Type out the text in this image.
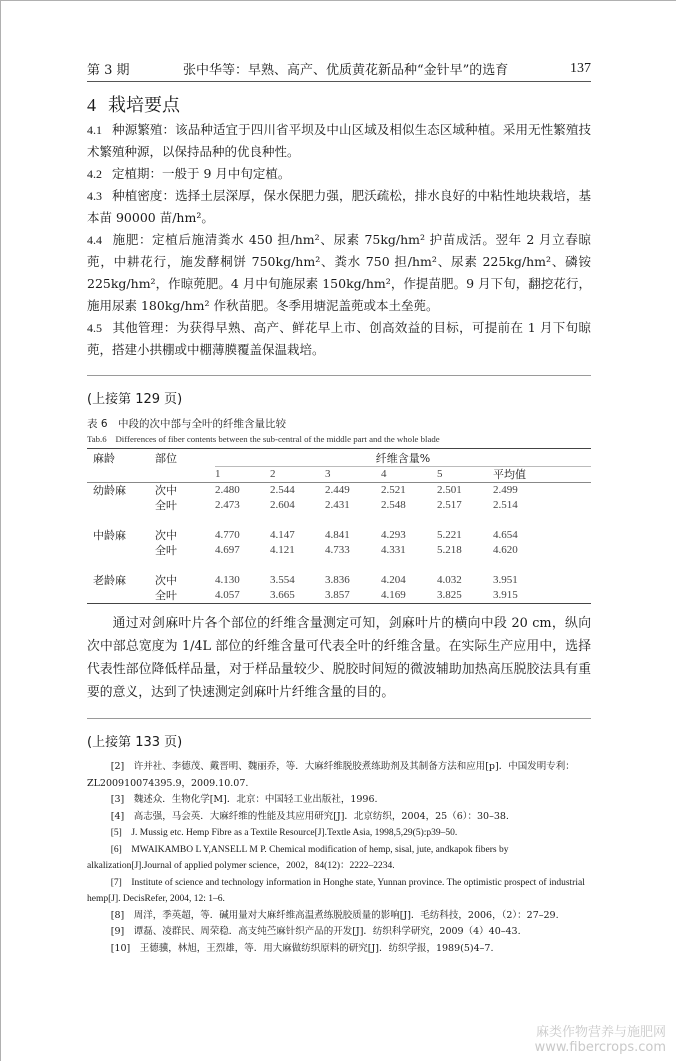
第 3 期	张中华等：早熟、高产、优质黄花新品种“金针早”的选育	137
4 栽培要点
4.1 种源繁殖：该品种适宜于四川省平坝及中山区域及相似生态区域种植。采用无性繁殖技术繁殖种源，以保持品种的优良种性。
4.2 定植期：一般于 9 月中旬定植。
4.3 种植密度：选择土层深厚，保水保肥力强，肥沃疏松，排水良好的中粘性地块栽培，基本苗 90000 苗/hm²。
4.4 施肥：定植后施清粪水 450 担/hm²、尿素 75kg/hm² 护苗成活。翌年 2 月立春晾蔸，中耕花行，施发酵桐饼 750kg/hm²、粪水 750 担/hm²、尿素 225kg/hm²、磷铵 225kg/hm²，作晾蔸肥。4 月中旬施尿素 150kg/hm²，作提苗肥。9 月下旬，翻挖花行，施用尿素 180kg/hm² 作秋苗肥。冬季用塘泥盖蔸或本土垒蔸。
4.5 其他管理：为获得早熟、高产、鲜花早上市、创高效益的目标，可提前在 1 月下旬晾蔸，搭建小拱棚或中棚薄膜覆盖保温栽培。
(上接第 129 页)
表 6　中段的次中部与全叶的纤维含量比较
Tab.6　Differences of fiber contents between the sub-central of the middle part and the whole blade
麻龄	部位	纤维含量%					
		1	2	3	4	5	平均值
幼龄麻	次中	2.480	2.544	2.449	2.521	2.501	2.499
	全叶	2.473	2.604	2.431	2.548	2.517	2.514
中龄麻	次中	4.770	4.147	4.841	4.293	5.221	4.654
	全叶	4.697	4.121	4.733	4.331	5.218	4.620
老龄麻	次中	4.130	3.554	3.836	4.204	4.032	3.951
	全叶	4.057	3.665	3.857	4.169	3.825	3.915
通过对剑麻叶片各个部位的纤维含量测定可知，剑麻叶片的横向中段 20 cm，纵向次中部总宽度为 1/4L 部位的纤维含量可代表全叶的纤维含量。在实际生产应用中，选择代表性部位降低样品量，对于样品量较少、脱胶时间短的微波辅助加热高压脱胶法具有重要的意义，达到了快速测定剑麻叶片纤维含量的目的。
(上接第 133 页)
[2]　许并社、李德茂、戴晋明、魏丽乔，等．大麻纤维脱胶煮练助剂及其制备方法和应用[p]．中国发明专利：ZL200910074395.9，2009.10.07.
[3]　魏述众．生物化学[M]．北京：中国轻工业出版社，1996.
[4]　高志强，马会英．大麻纤维的性能及其应用研究[J]．北京纺织，2004，25（6）：30–38.
[5]　J. Mussig etc. Hemp Fibre as a Textile Resource[J].Textle Asia, 1998,5,29(5):p39–50.
[6]　MWAIKAMBO L Y,ANSELL M P. Chemical modification of hemp, sisal, jute, andkapok fibers by alkalization[J].Journal of applied polymer science，2002，84(12)：2222–2234.
[7]　Institute of science and technology information in Honghe state, Yunnan province. The optimistic prospect of industrial hemp[J]. DecisRefer, 2004, 12: 1–6.
[8]　周洋，季英超，等．碱用量对大麻纤维高温煮练脱胶质量的影响[J]．毛纺科技，2006，（2）：27–29.
[9]　谭磊、凌群民、周荣稳．高支纯苎麻针织产品的开发[J]．纺织科学研究，2009（4）40–43.
[10]　王德骥，林旭，王烈雄，等．用大麻做纺织原料的研究[J]．纺织学报，1989(5)4–7.
麻类作物营养与施肥网
www.fibercrops.com
